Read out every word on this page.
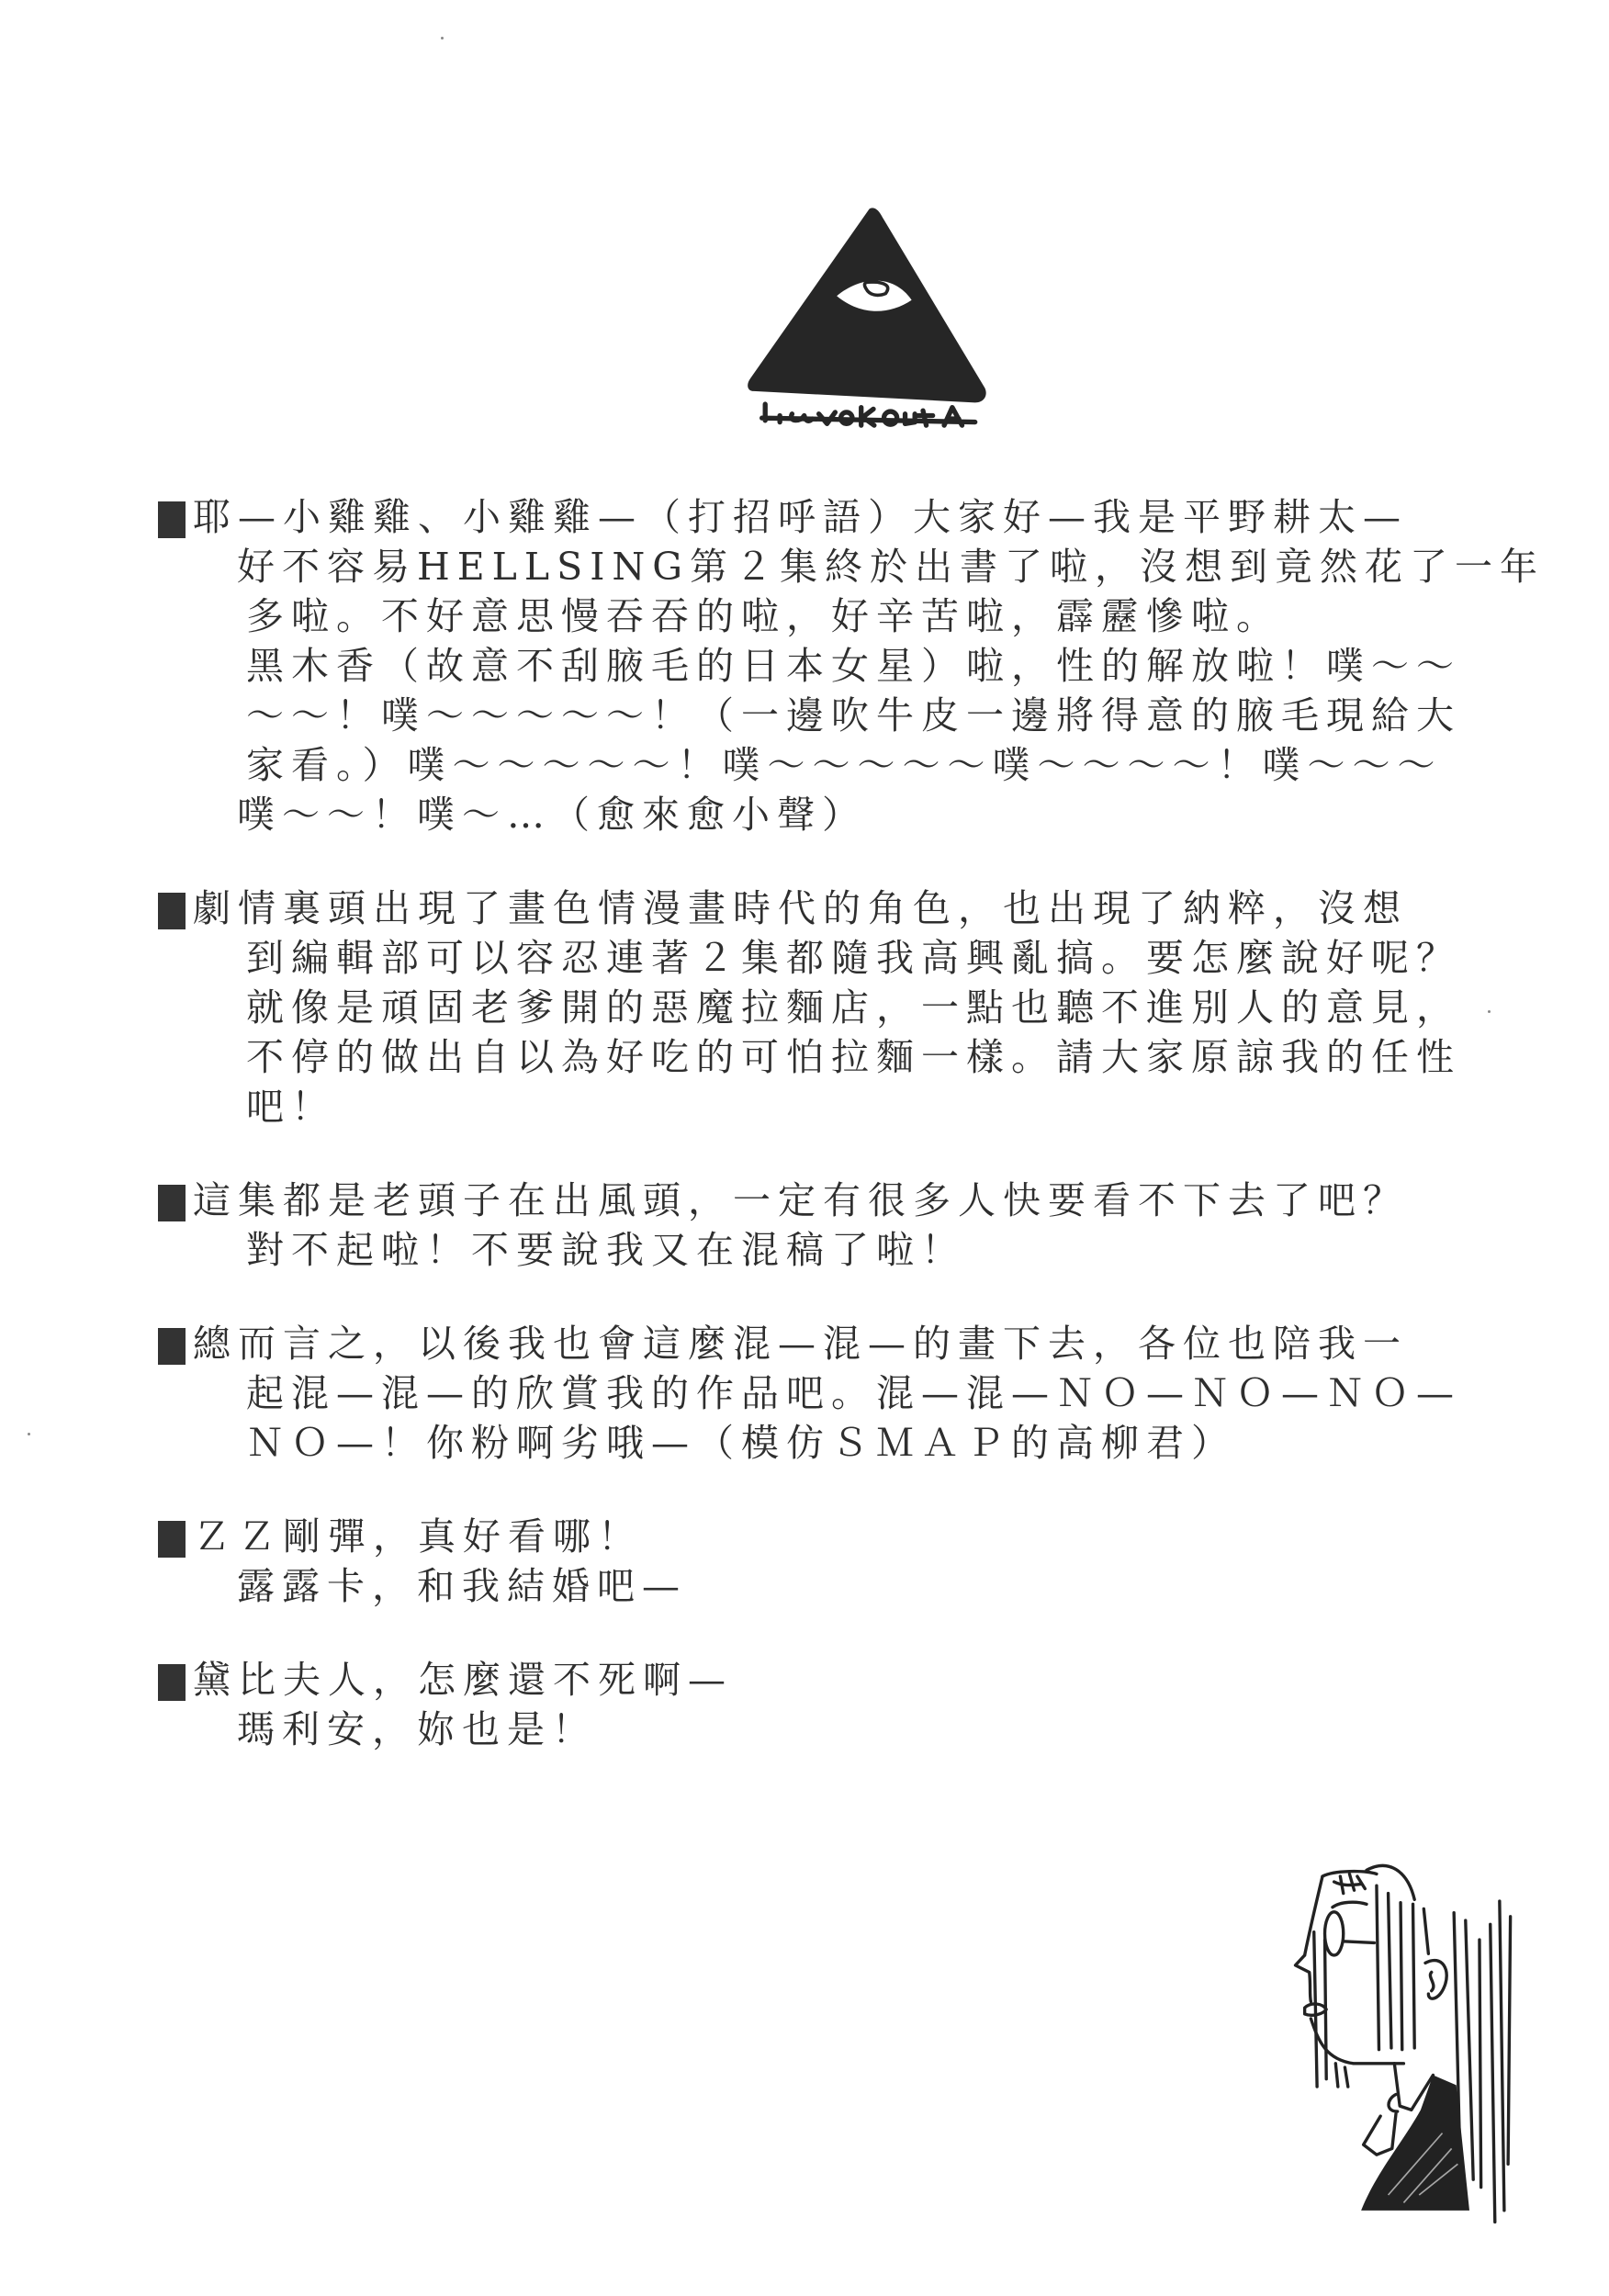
耶—小雞雞、小雞雞—（打招呼語）大家好—我是平野耕太—
好不容易HELLSING第２集終於出書了啦，沒想到竟然花了一年
多啦。不好意思慢吞吞的啦，好辛苦啦，霹靂慘啦。
黑木香（故意不刮腋毛的日本女星）啦，性的解放啦！噗～～
～～！噗～～～～～！（一邊吹牛皮一邊將得意的腋毛現給大
家看。）噗～～～～～！噗～～～～～噗～～～～！噗～～～
噗～～！噗～…（愈來愈小聲）
劇情裏頭出現了畫色情漫畫時代的角色，也出現了納粹，沒想
到編輯部可以容忍連著２集都隨我高興亂搞。要怎麼說好呢？
就像是頑固老爹開的惡魔拉麵店，一點也聽不進別人的意見，
不停的做出自以為好吃的可怕拉麵一樣。請大家原諒我的任性
吧！
這集都是老頭子在出風頭，一定有很多人快要看不下去了吧？
對不起啦！不要說我又在混稿了啦！
總而言之，以後我也會這麼混—混—的畫下去，各位也陪我一
起混—混—的欣賞我的作品吧。混—混—ＮＯ—ＮＯ—ＮＯ—
ＮＯ—！你粉啊劣哦—（模仿ＳＭＡＰ的高柳君）
ＺＺ剛彈，真好看哪！
露露卡，和我結婚吧—
黛比夫人，怎麼還不死啊—
瑪利安，妳也是！
